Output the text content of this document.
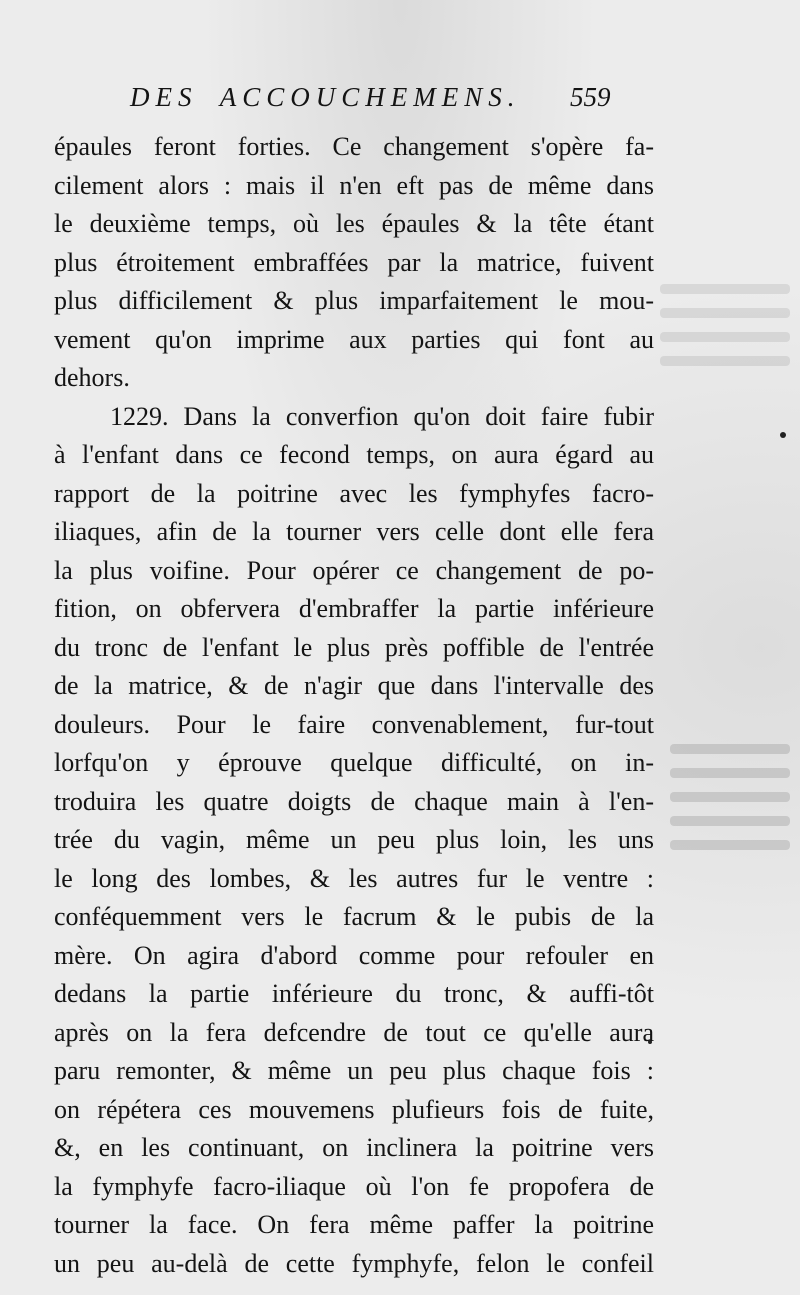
DES ACCOUCHEMENS.	559
épaules feront forties. Ce changement s'opère fa-
cilement alors : mais il n'en eft pas de même dans
le deuxième temps, où les épaules & la tête étant
plus étroitement embraffées par la matrice, fuivent
plus difficilement & plus imparfaitement le mou-
vement qu'on imprime aux parties qui font au
dehors.
1229. Dans la converfion qu'on doit faire fubir
à l'enfant dans ce fecond temps, on aura égard au
rapport de la poitrine avec les fymphyfes facro-
iliaques, afin de la tourner vers celle dont elle fera
la plus voifine. Pour opérer ce changement de po-
fition, on obfervera d'embraffer la partie inférieure
du tronc de l'enfant le plus près poffible de l'entrée
de la matrice, & de n'agir que dans l'intervalle des
douleurs. Pour le faire convenablement, fur-tout
lorfqu'on y éprouve quelque difficulté, on in-
troduira les quatre doigts de chaque main à l'en-
trée du vagin, même un peu plus loin, les uns
le long des lombes, & les autres fur le ventre :
conféquemment vers le facrum & le pubis de la
mère. On agira d'abord comme pour refouler en
dedans la partie inférieure du tronc, & auffi-tôt
après on la fera defcendre de tout ce qu'elle aura
paru remonter, & même un peu plus chaque fois :
on répétera ces mouvemens plufieurs fois de fuite,
&, en les continuant, on inclinera la poitrine vers
la fymphyfe facro-iliaque où l'on fe propofera de
tourner la face. On fera même paffer la poitrine
un peu au-delà de cette fymphyfe, felon le confeil
